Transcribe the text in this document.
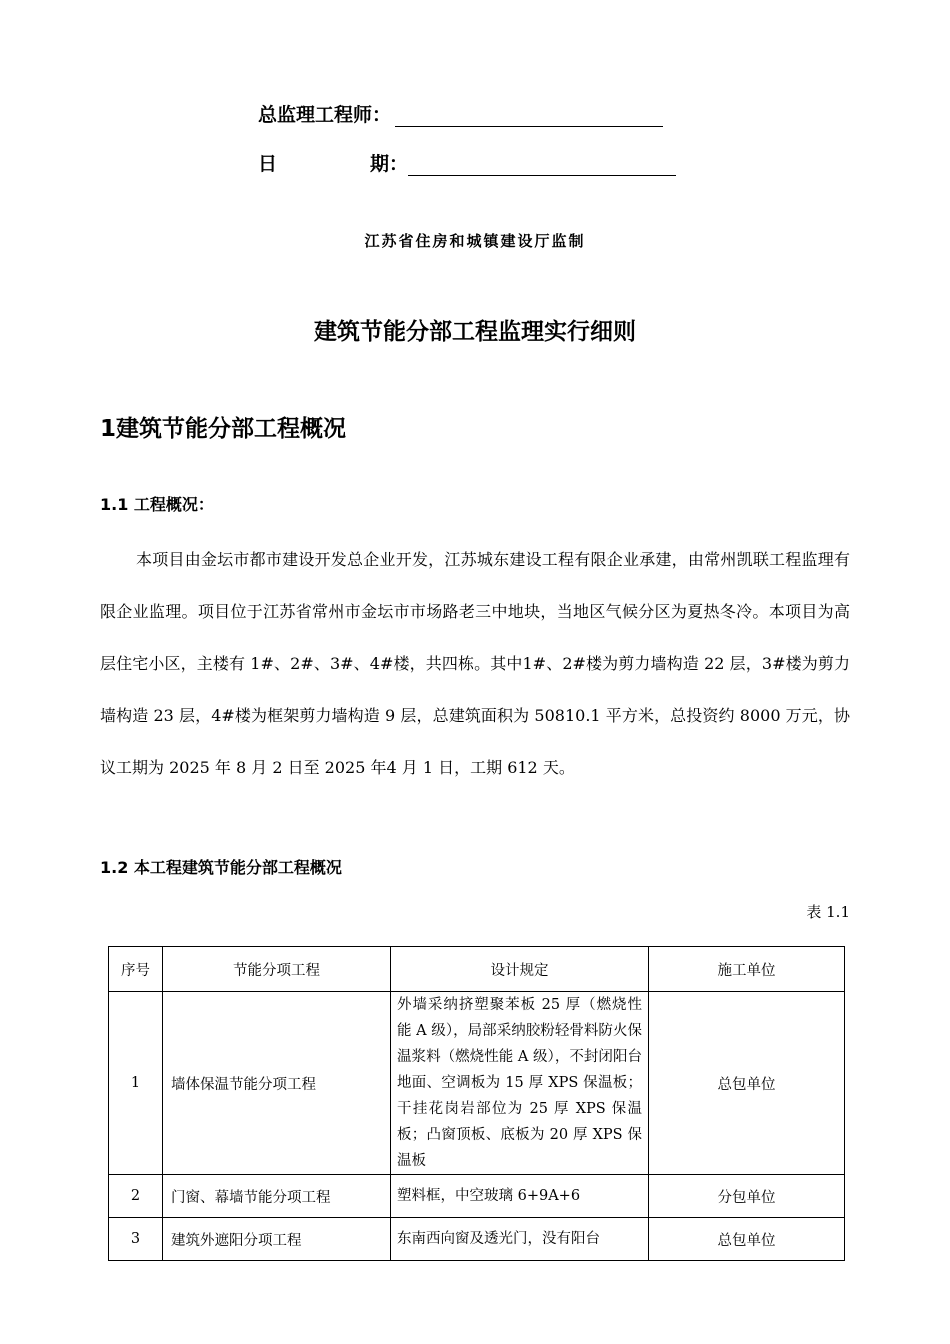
总监理工程师：
日	期：
江苏省住房和城镇建设厅监制
建筑节能分部工程监理实行细则
1建筑节能分部工程概况
1.1 工程概况：

本项目由金坛市都市建设开发总企业开发，江苏城东建设工程有限企业承建，由常州凯联工程监理有限企业监理。项目位于江苏省常州市金坛市市场路老三中地块，当地区气候分区为夏热冬冷。本项目为高层住宅小区，主楼有 1#、2#、3#、4#楼，共四栋。其中1#、2#楼为剪力墙构造 22 层，3#楼为剪力墙构造 23 层，4#楼为框架剪力墙构造 9 层，总建筑面积为 50810.1 平方米，总投资约 8000 万元，协议工期为 2025 年 8 月 2 日至 2025 年4 月 1 日，工期 612 天。

1.2 本工程建筑节能分部工程概况
表 1.1
序号	节能分项工程	设计规定	施工单位
1	墙体保温节能分项工程	外墙采纳挤塑聚苯板 25 厚（燃烧性能 A 级），局部采纳胶粉轻骨料防火保温浆料（燃烧性能 A 级），不封闭阳台地面、空调板为 15 厚 XPS 保温板；干挂花岗岩部位为 25 厚 XPS 保温板；凸窗顶板、底板为 20 厚 XPS 保温板	总包单位
2	门窗、幕墙节能分项工程	塑料框，中空玻璃 6+9A+6	分包单位
3	建筑外遮阳分项工程	东南西向窗及透光门，没有阳台	总包单位
